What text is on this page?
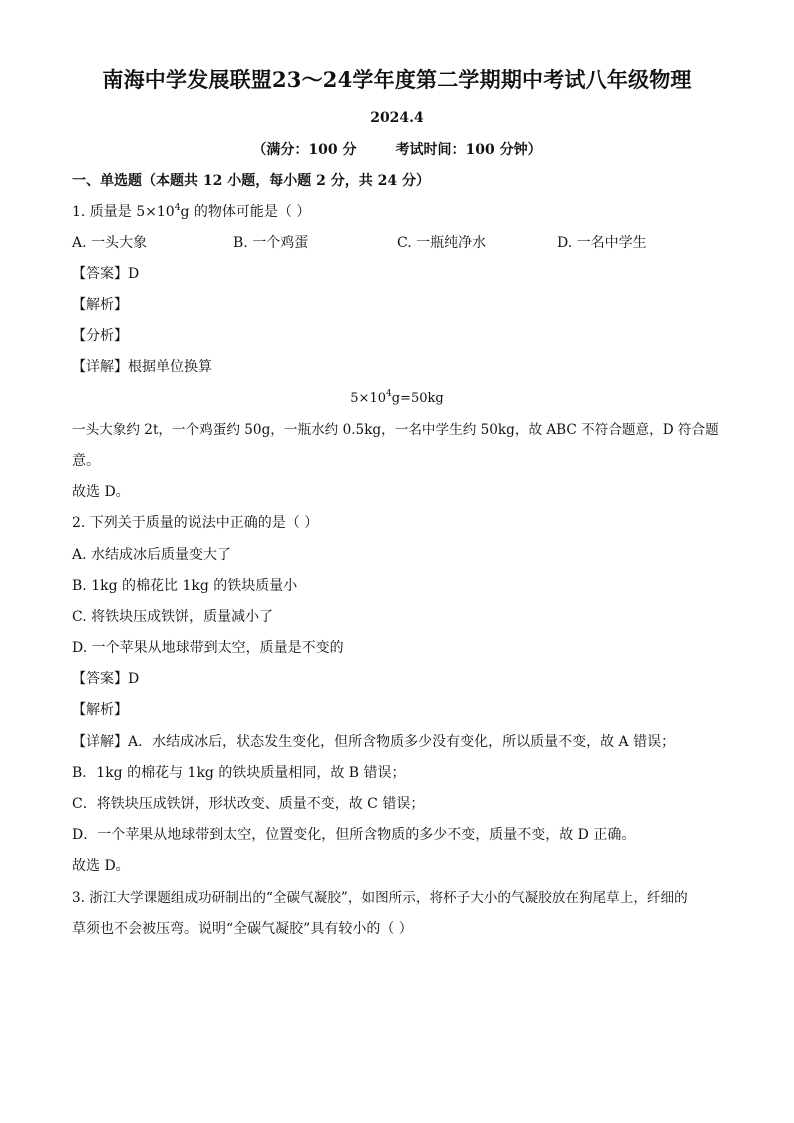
南海中学发展联盟23～24学年度第二学期期中考试八年级物理
2024.4
（满分：100 分        考试时间：100 分钟）
一、单选题（本题共 12 小题，每小题 2 分，共 24 分）
1. 质量是 $5\times 10^4g$ 的物体可能是（ ）
A. 一头大象	B. 一个鸡蛋	C. 一瓶纯净水	D. 一名中学生
【答案】D
【解析】
【分析】
【详解】根据单位换算
$5\times 10^4g=50kg$
一头大象约 2t，一个鸡蛋约 50g，一瓶水约 0.5kg，一名中学生约 50kg，故 ABC 不符合题意，D 符合题
意。
故选 D。
2. 下列关于质量的说法中正确的是（ ）
A. 水结成冰后质量变大了
B. 1kg 的棉花比 1kg 的铁块质量小
C. 将铁块压成铁饼，质量减小了
D. 一个苹果从地球带到太空，质量是不变的
【答案】D
【解析】
【详解】A．水结成冰后，状态发生变化，但所含物质多少没有变化，所以质量不变，故 A 错误；
B．1kg 的棉花与 1kg 的铁块质量相同，故 B 错误；
C．将铁块压成铁饼，形状改变、质量不变，故 C 错误；
D．一个苹果从地球带到太空，位置变化，但所含物质的多少不变，质量不变，故 D 正确。
故选 D。
3. 浙江大学课题组成功研制出的“全碳气凝胶”，如图所示，将杯子大小的气凝胶放在狗尾草上，纤细的
草须也不会被压弯。说明“全碳气凝胶”具有较小的（ ）
